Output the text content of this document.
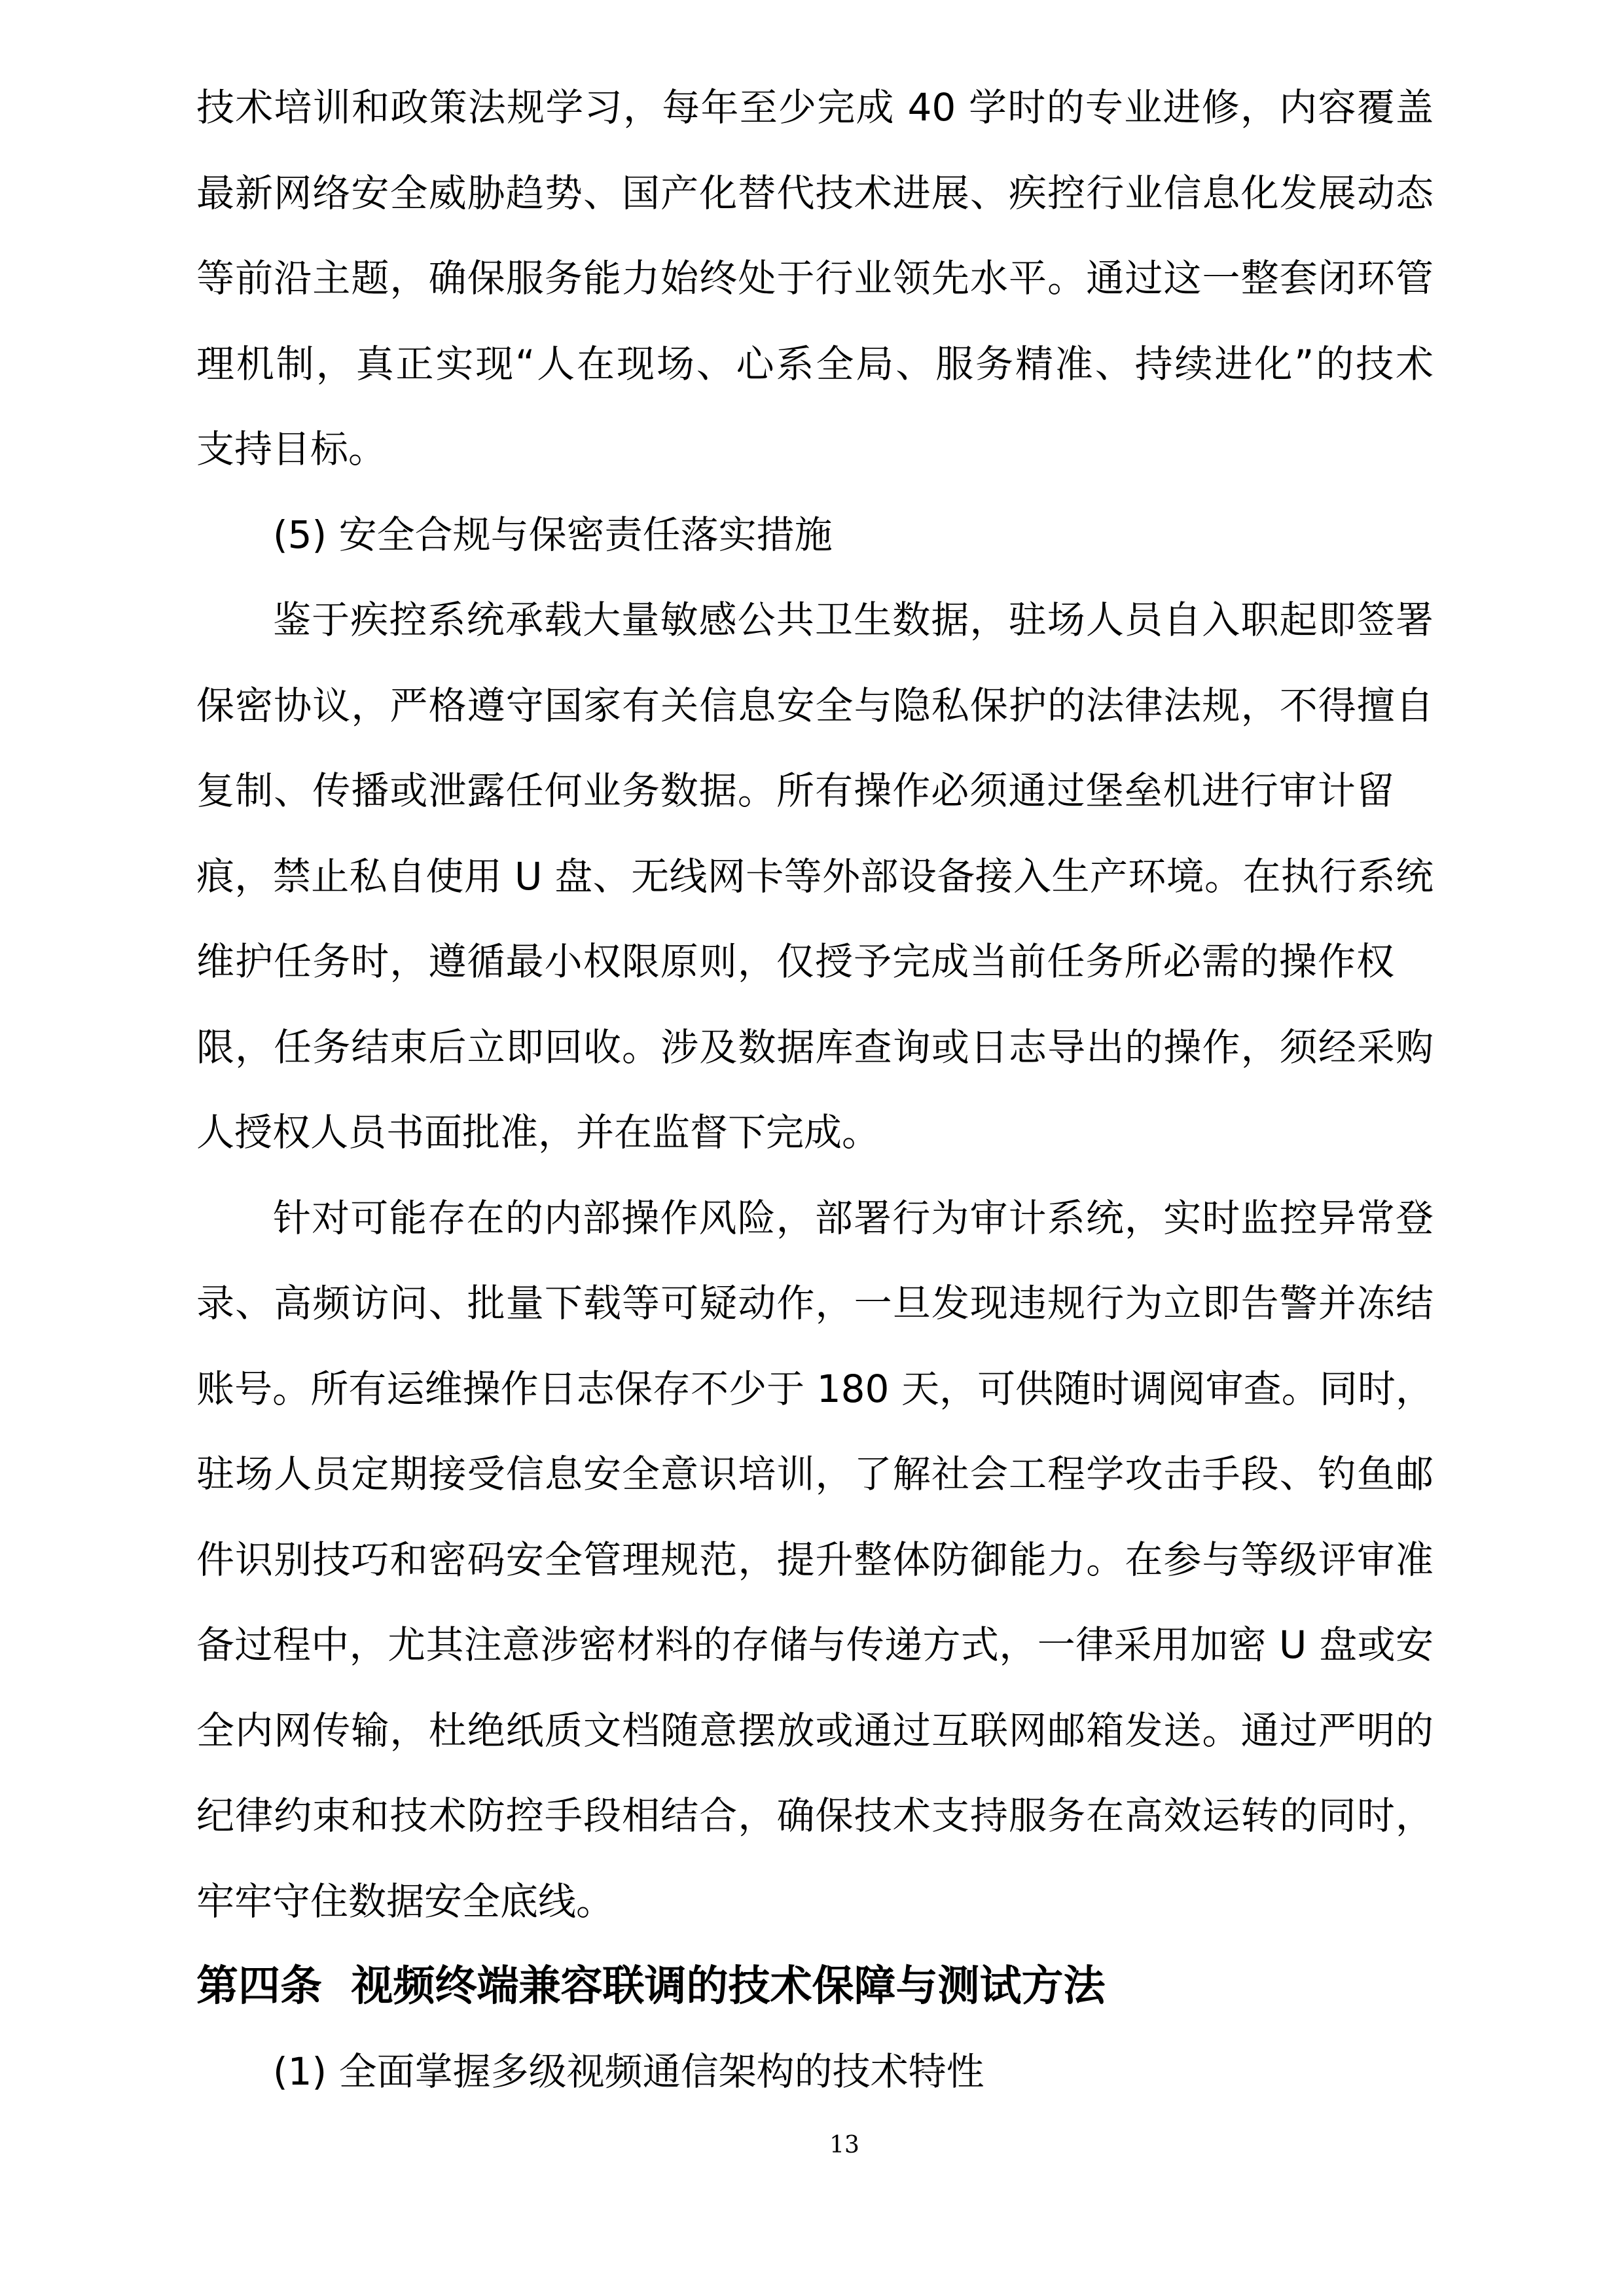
技术培训和政策法规学习，每年至少完成 40 学时的专业进修，内容覆盖
最新网络安全威胁趋势、国产化替代技术进展、疾控行业信息化发展动态
等前沿主题，确保服务能力始终处于行业领先水平。通过这一整套闭环管
理机制，真正实现“人在现场、心系全局、服务精准、持续进化”的技术
支持目标。
(5) 安全合规与保密责任落实措施
鉴于疾控系统承载大量敏感公共卫生数据，驻场人员自入职起即签署
保密协议，严格遵守国家有关信息安全与隐私保护的法律法规，不得擅自
复制、传播或泄露任何业务数据。所有操作必须通过堡垒机进行审计留
痕，禁止私自使用 U 盘、无线网卡等外部设备接入生产环境。在执行系统
维护任务时，遵循最小权限原则，仅授予完成当前任务所必需的操作权
限，任务结束后立即回收。涉及数据库查询或日志导出的操作，须经采购
人授权人员书面批准，并在监督下完成。
针对可能存在的内部操作风险，部署行为审计系统，实时监控异常登
录、高频访问、批量下载等可疑动作，一旦发现违规行为立即告警并冻结
账号。所有运维操作日志保存不少于 180 天，可供随时调阅审查。同时，
驻场人员定期接受信息安全意识培训，了解社会工程学攻击手段、钓鱼邮
件识别技巧和密码安全管理规范，提升整体防御能力。在参与等级评审准
备过程中，尤其注意涉密材料的存储与传递方式，一律采用加密 U 盘或安
全内网传输，杜绝纸质文档随意摆放或通过互联网邮箱发送。通过严明的
纪律约束和技术防控手段相结合，确保技术支持服务在高效运转的同时，
牢牢守住数据安全底线。
第四条  视频终端兼容联调的技术保障与测试方法
(1) 全面掌握多级视频通信架构的技术特性
13
